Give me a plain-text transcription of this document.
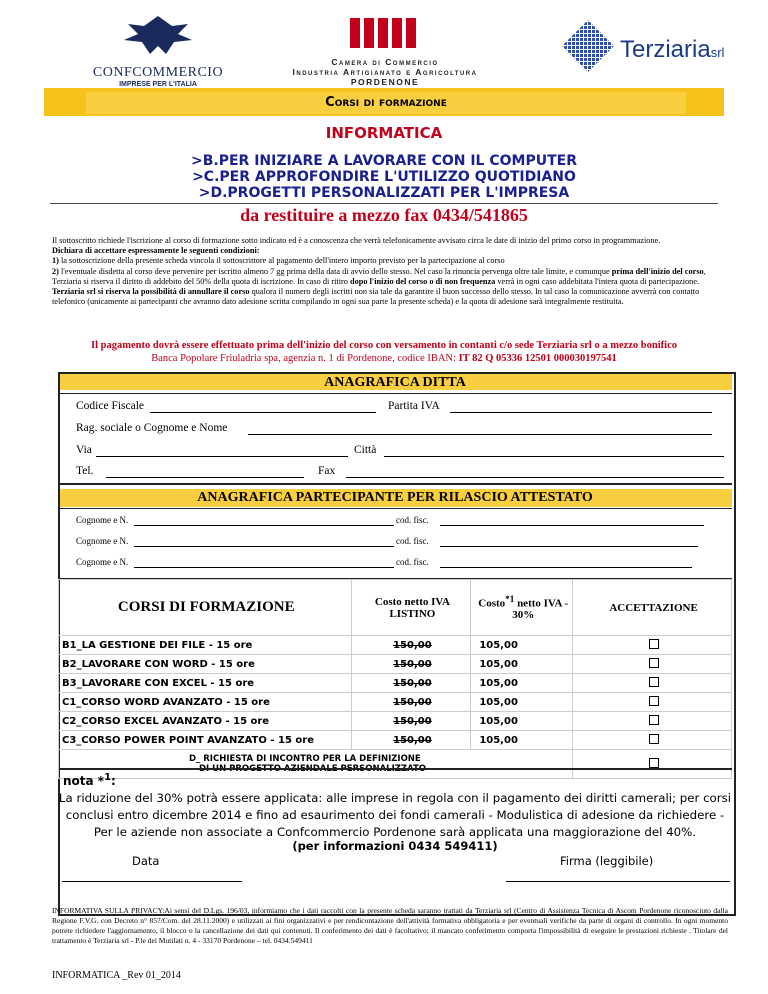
CONFCOMMERCIO
IMPRESE PER L'ITALIA
Camera di Commercio
Industria Artigianato e Agricoltura
PORDENONE
Terziariasrl
Corsi di formazione
INFORMATICA
>B.PER INIZIARE A LAVORARE CON IL COMPUTER
>C.PER APPROFONDIRE L'UTILIZZO QUOTIDIANO
>D.PROGETTI PERSONALIZZATI PER L'IMPRESA
da restituire a mezzo fax 0434/541865
Il sottoscritto richiede l'iscrizione al corso di formazione sotto indicato ed è a conoscenza che verrà telefonicamente avvisato circa le date di inizio del primo corso in programmazione.
Dichiara di accettare espressamente le seguenti condizioni:
1) la sottoscrizione della presente scheda vincola il sottoscrittore al pagamento dell'intero importo previsto per la partecipazione al corso
2) l'eventuale disdetta al corso deve pervenire per iscritto almeno 7 gg prima della data di avvio dello stesso. Nel caso la rinuncia pervenga oltre tale limite, e comunque prima dell'inizio del corso, Terziaria si riserva il diritto di addebito del 50% della quota di iscrizione. In caso di ritiro dopo l'inizio del corso o di non frequenza verrà in ogni caso addebitata l'intera quota di partecipazione.
Terziaria srl si riserva la possibilità di annullare il corso qualora il numero degli iscritti non sia tale da garantire il buon successo dello stesso. In tal caso la comunicazione avverrà con contatto telefonico (unicamente ai partecipanti che avranno dato adesione scritta compilando in ogni sua parte la presente scheda) e la quota di adesione sarà integralmente restituita.
Il pagamento dovrà essere effettuato prima dell'inizio del corso con versamento in contanti c/o sede Terziaria srl o a mezzo bonifico
Banca Popolare Friuladria spa, agenzia n. 1 di Pordenone, codice IBAN: IT 82 Q 05336 12501 000030197541
ANAGRAFICA DITTA
Codice Fiscale	Partita IVA
Rag. sociale o Cognome e Nome
Via	Città
Tel.	Fax
ANAGRAFICA PARTECIPANTE PER RILASCIO ATTESTATO
Cognome e N.	cod. fisc.
Cognome e N.	cod. fisc.
Cognome e N.	cod. fisc.
CORSI DI FORMAZIONE	Costo netto IVA LISTINO	Costo$^{*1}$ netto IVA - 30%	ACCETTAZIONE
B1_LA GESTIONE DEI FILE - 15 ore	150,00	105,00	
B2_LAVORARE CON WORD - 15 ore	150,00	105,00	
B3_LAVORARE CON EXCEL - 15 ore	150,00	105,00	
C1_CORSO WORD AVANZATO - 15 ore	150,00	105,00	
C2_CORSO EXCEL AVANZATO - 15 ore	150,00	105,00	
C3_CORSO POWER POINT AVANZATO - 15 ore	150,00	105,00	

D_ RICHIESTA DI INCONTRO PER LA DEFINIZIONE
DI UN PROGETTO AZIENDALE PERSONALIZZATO			

nota *$^1$:
La riduzione del 30% potrà essere applicata: alle imprese in regola con il pagamento dei diritti camerali; per corsi conclusi entro dicembre 2014 e fino ad esaurimento dei fondi camerali - Modulistica di adesione da richiedere - Per le aziende non associate a Confcommercio Pordenone sarà applicata una maggiorazione del 40%.
(per informazioni 0434 549411)
Data	Firma (leggibile)
INFORMATIVA SULLA PRIVACY:Ai sensi del D.Lgs. 196/03, informiamo che i dati raccolti con la presente scheda saranno trattati da Terziaria srl (Centro di Assistenza Tecnica di Ascom Pordenone riconosciuto dalla Regione F.V.G. con Decreto n° 857/Com. del 28.11.2000) e utilizzati ai fini organizzativi e per rendicontazione dell'attività formativa obbligatoria e per eventuali verifiche da parte di organi di controllo. In ogni momento potrete richiedere l'aggiornamento, il blocco o la cancellazione dei dati qui contenuti. Il conferimento dei dati è facoltativo; il mancato conferimento comporta l'impossibilità di eseguire le prestazioni richieste . Titolare del trattamento è Terziaria srl - P.le dei Mutilati n. 4 - 33170 Pordenone – tel. 0434.549411
INFORMATICA _Rev 01_2014
